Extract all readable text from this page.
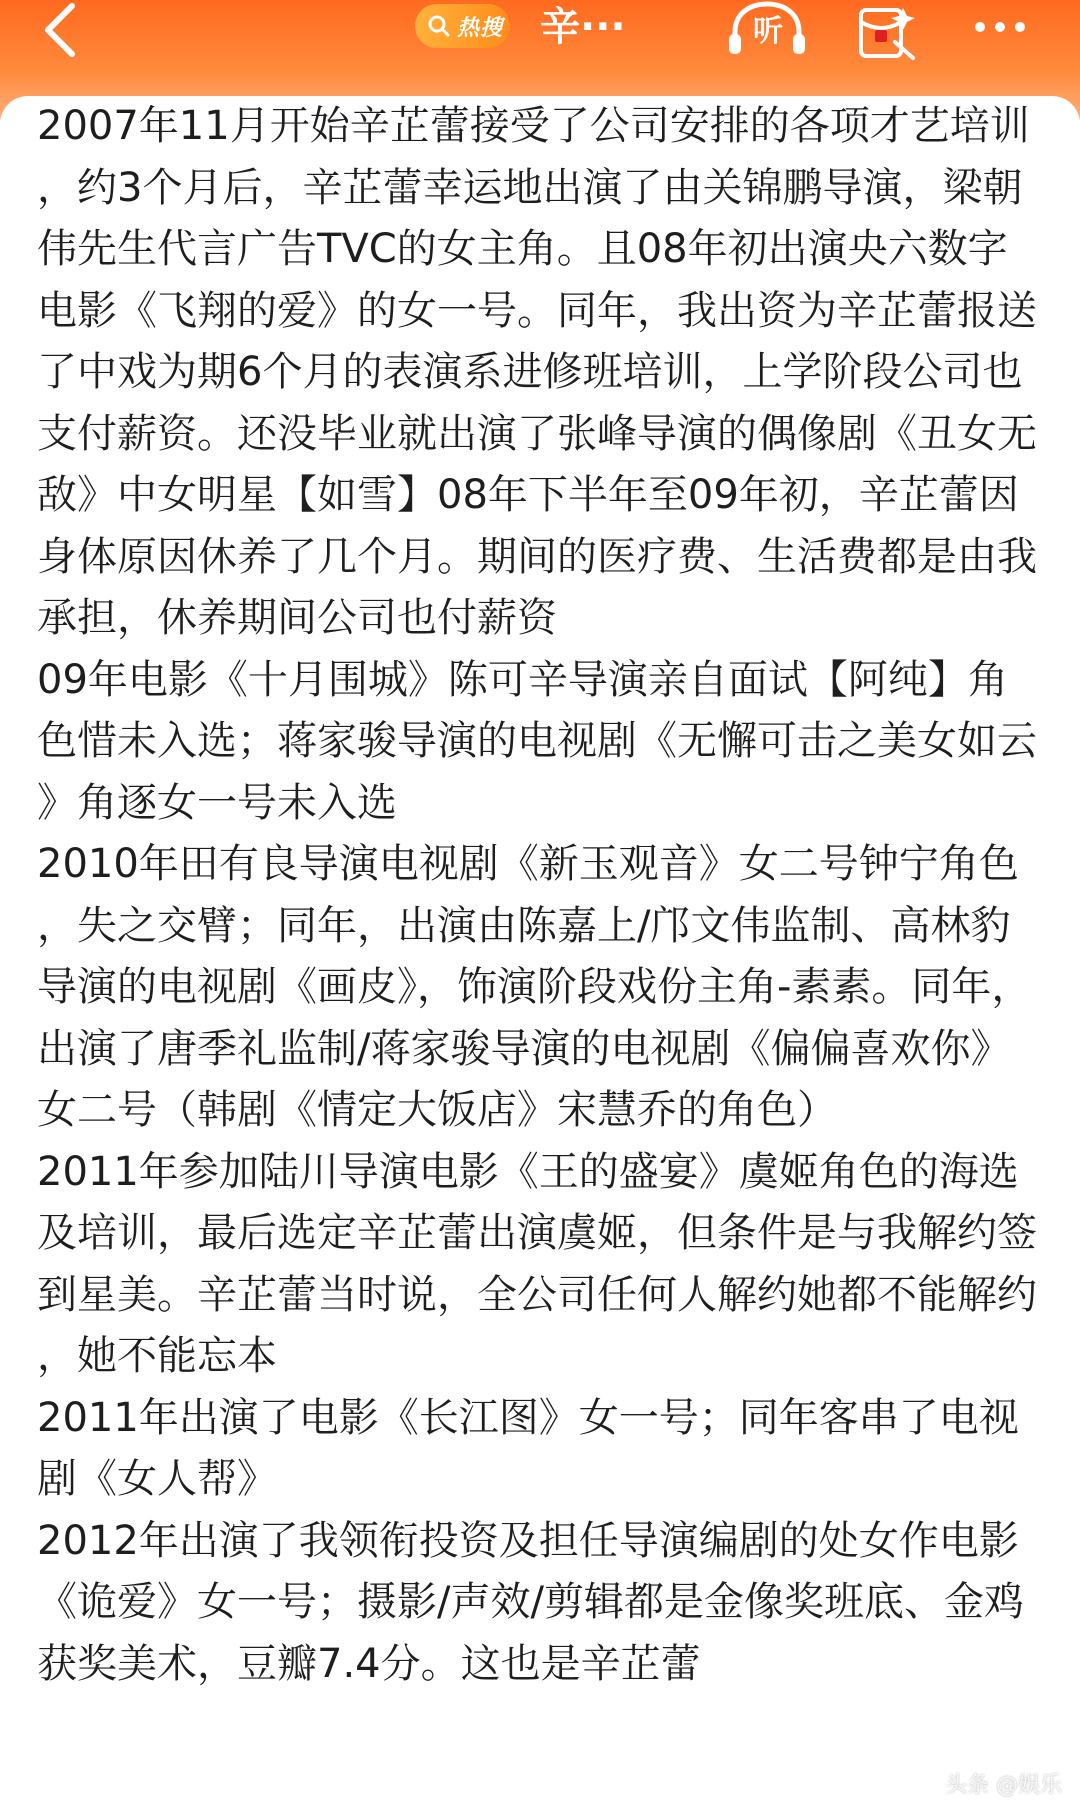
热搜 辛···	听

2007年11月开始辛芷蕾接受了公司安排的各项才艺培训，约3个月后，辛芷蕾幸运地出演了由关锦鹏导演，梁朝伟先生代言广告TVC的女主角。且08年初出演央六数字电影《飞翔的爱》的女一号。同年，我出资为辛芷蕾报送了中戏为期6个月的表演系进修班培训，上学阶段公司也支付薪资。还没毕业就出演了张峰导演的偶像剧《丑女无敌》中女明星【如雪】08年下半年至09年初，辛芷蕾因身体原因休养了几个月。期间的医疗费、生活费都是由我承担，休养期间公司也付薪资

09年电影《十月围城》陈可辛导演亲自面试【阿纯】角色惜未入选；蒋家骏导演的电视剧《无懈可击之美女如云》角逐女一号未入选

2010年田有良导演电视剧《新玉观音》女二号钟宁角色，失之交臂；同年，出演由陈嘉上/邝文伟监制、高林豹导演的电视剧《画皮》，饰演阶段戏份主角-素素。同年，出演了唐季礼监制/蒋家骏导演的电视剧《偏偏喜欢你》女二号（韩剧《情定大饭店》宋慧乔的角色）

2011年参加陆川导演电影《王的盛宴》虞姬角色的海选及培训，最后选定辛芷蕾出演虞姬，但条件是与我解约签到星美。辛芷蕾当时说，全公司任何人解约她都不能解约，她不能忘本

2011年出演了电影《长江图》女一号；同年客串了电视剧《女人帮》

2012年出演了我领衔投资及担任导演编剧的处女作电影《诡爱》女一号；摄影/声效/剪辑都是金像奖班底、金鸡获奖美术，豆瓣7.4分。这也是辛芷蕾

头条 @娱乐
